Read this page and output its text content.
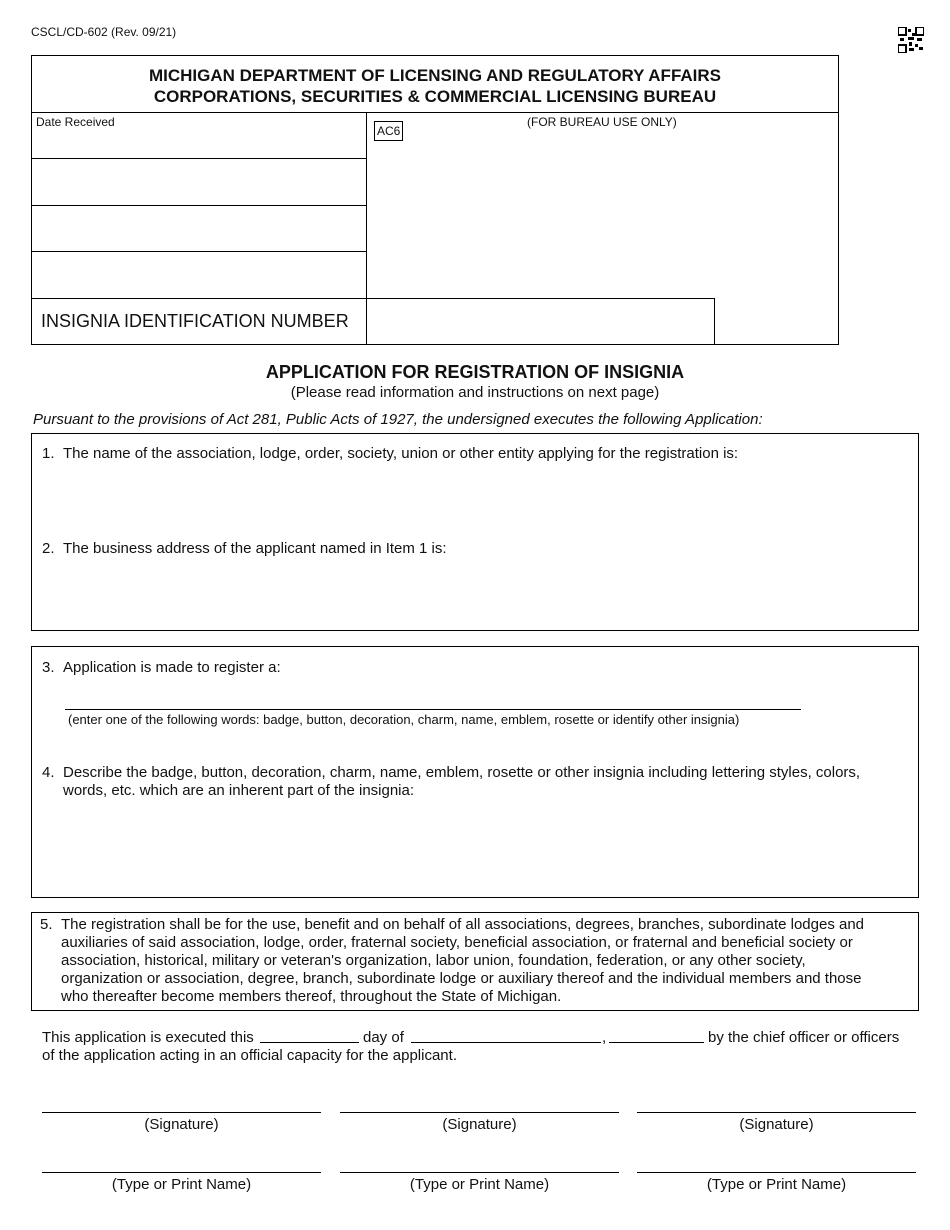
CSCL/CD-602 (Rev. 09/21)
MICHIGAN DEPARTMENT OF LICENSING AND REGULATORY AFFAIRS
CORPORATIONS, SECURITIES & COMMERCIAL LICENSING BUREAU
Date Received	(FOR BUREAU USE ONLY)
AC6
INSIGNIA IDENTIFICATION NUMBER
APPLICATION FOR REGISTRATION OF INSIGNIA
(Please read information and instructions on next page)
Pursuant to the provisions of Act 281, Public Acts of 1927, the undersigned executes the following Application:
1. The name of the association, lodge, order, society, union or other entity applying for the registration is:
2. The business address of the applicant named in Item 1 is:
3. Application is made to register a:
(enter one of the following words: badge, button, decoration, charm, name, emblem, rosette or identify other insignia)
4. Describe the badge, button, decoration, charm, name, emblem, rosette or other insignia including lettering styles, colors,
words, etc. which are an inherent part of the insignia:
5. The registration shall be for the use, benefit and on behalf of all associations, degrees, branches, subordinate lodges and
auxiliaries of said association, lodge, order, fraternal society, beneficial association, or fraternal and beneficial society or
association, historical, military or veteran's organization, labor union, foundation, federation, or any other society,
organization or association, degree, branch, subordinate lodge or auxiliary thereof and the individual members and those
who thereafter become members thereof, throughout the State of Michigan.
This application is executed this	day of	,	by the chief officer or officers
of the application acting in an official capacity for the applicant.
(Signature)	(Signature)	(Signature)
(Type or Print Name)	(Type or Print Name)	(Type or Print Name)
